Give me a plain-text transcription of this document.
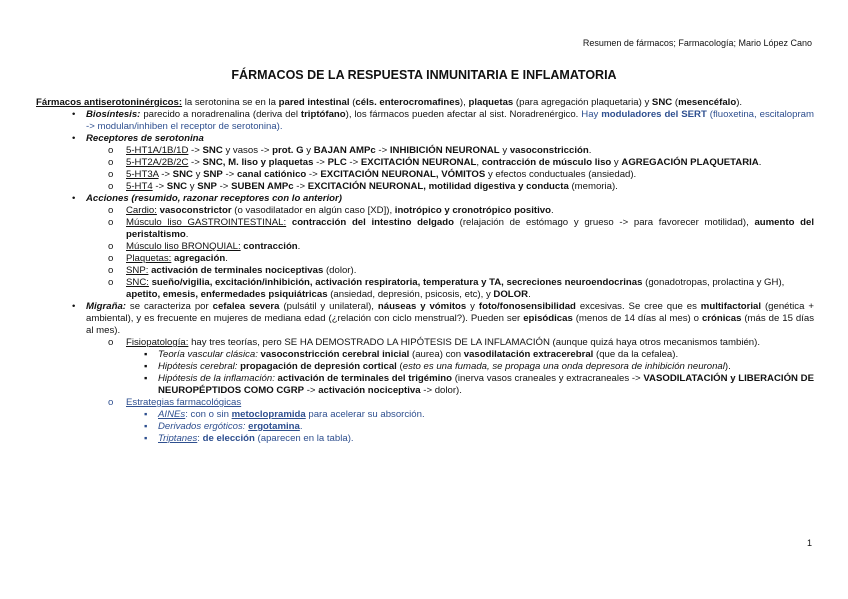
Resumen de fármacos; Farmacología; Mario López Cano
FÁRMACOS DE LA RESPUESTA INMUNITARIA E INFLAMATORIA

Fármacos antiserotoninérgicos: la serotonina se en la pared intestinal (céls. enterocromafines), plaquetas (para agregación plaquetaria) y SNC (mesencéfalo).

• Biosíntesis: parecido a noradrenalina (deriva del triptófano), los fármacos pueden afectar al sist. Noradrenérgico. Hay moduladores del SERT (fluoxetina, escitalopram -> modulan/inhiben el receptor de serotonina).

• Receptores de serotonina

o 5-HT1A/1B/1D -> SNC y vasos -> prot. G y BAJAN AMPc -> INHIBICIÓN NEURONAL y vasoconstricción.

o 5-HT2A/2B/2C -> SNC, M. liso y plaquetas -> PLC -> EXCITACIÓN NEURONAL, contracción de músculo liso y AGREGACIÓN PLAQUETARIA.

o 5-HT3A -> SNC y SNP -> canal catiónico -> EXCITACIÓN NEURONAL, VÓMITOS y efectos conductuales (ansiedad).

o 5-HT4 -> SNC y SNP -> SUBEN AMPc -> EXCITACIÓN NEURONAL, motilidad digestiva y conducta (memoria).

• Acciones (resumido, razonar receptores con lo anterior)

o Cardio: vasoconstrictor (o vasodilatador en algún caso [XD]), inotrópico y cronotrópico positivo.

o Músculo liso GASTROINTESTINAL: contracción del intestino delgado (relajación de estómago y grueso -> para favorecer motilidad), aumento del peristaltismo.

o Músculo liso BRONQUIAL: contracción.

o Plaquetas: agregación.

o SNP: activación de terminales nociceptivas (dolor).

o SNC: sueño/vigilia, excitación/inhibición, activación respiratoria, temperatura y TA, secreciones neuroendocrinas (gonadotropas, prolactina y GH), apetito, emesis, enfermedades psiquiátricas (ansiedad, depresión, psicosis, etc), y DOLOR.

• Migraña: se caracteriza por cefalea severa (pulsátil y unilateral), náuseas y vómitos y foto/fonosensibilidad excesivas. Se cree que es multifactorial (genética + ambiental), y es frecuente en mujeres de mediana edad (¿relación con ciclo menstrual?). Pueden ser episódicas (menos de 14 días al mes) o crónicas (más de 15 días al mes).

o Fisiopatología: hay tres teorías, pero SE HA DEMOSTRADO LA HIPÓTESIS DE LA INFLAMACIÓN (aunque quizá haya otros mecanismos también).

▪ Teoría vascular clásica: vasoconstricción cerebral inicial (aurea) con vasodilatación extracerebral (que da la cefalea).

▪ Hipótesis cerebral: propagación de depresión cortical (esto es una fumada, se propaga una onda depresora de inhibición neuronal).

▪ Hipótesis de la inflamación: activación de terminales del trigémino (inerva vasos craneales y extracraneales -> VASODILATACIÓN y LIBERACIÓN DE NEUROPÉPTIDOS COMO CGRP -> activación nociceptiva -> dolor).

o Estrategias farmacológicas

▪ AINEs: con o sin metoclopramida para acelerar su absorción.

▪ Derivados ergóticos: ergotamina.

▪ Triptanes: de elección (aparecen en la tabla).

1
